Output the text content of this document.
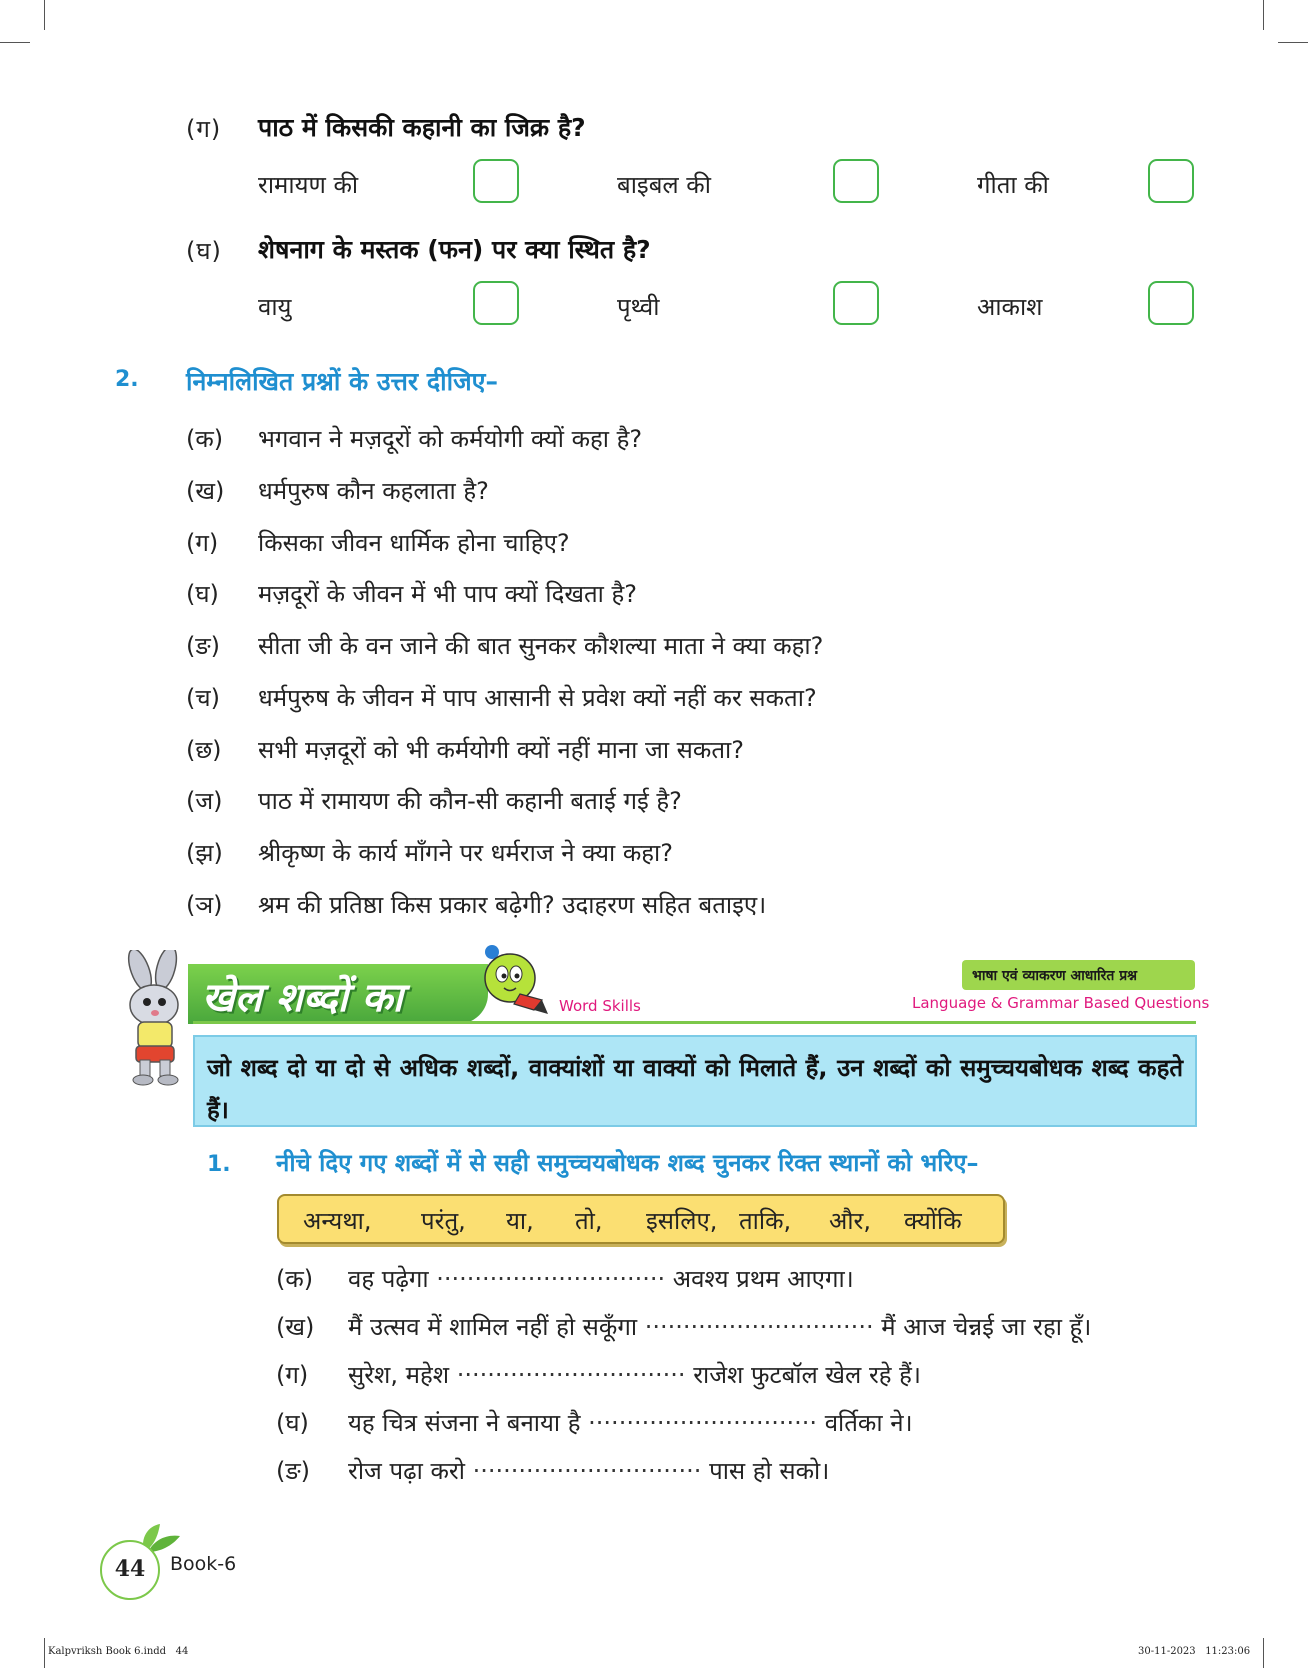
(ग) पाठ में किसकी कहानी का जिक्र है?
रामायण की	बाइबल की	गीता की
(घ) शेषनाग के मस्तक (फन) पर क्या स्थित है?
वायु	पृथ्वी	आकाश
2. निम्नलिखित प्रश्नों के उत्तर दीजिए–
(क) भगवान ने मज़दूरों को कर्मयोगी क्यों कहा है?
(ख) धर्मपुरुष कौन कहलाता है?
(ग) किसका जीवन धार्मिक होना चाहिए?
(घ) मज़दूरों के जीवन में भी पाप क्यों दिखता है?
(ङ) सीता जी के वन जाने की बात सुनकर कौशल्या माता ने क्या कहा?
(च) धर्मपुरुष के जीवन में पाप आसानी से प्रवेश क्यों नहीं कर सकता?
(छ) सभी मज़दूरों को भी कर्मयोगी क्यों नहीं माना जा सकता?
(ज) पाठ में रामायण की कौन-सी कहानी बताई गई है?
(झ) श्रीकृष्ण के कार्य माँगने पर धर्मराज ने क्या कहा?
(ञ) श्रम की प्रतिष्ठा किस प्रकार बढ़ेगी? उदाहरण सहित बताइए।
खेल शब्दों का	Word Skills
भाषा एवं व्याकरण आधारित प्रश्न
Language & Grammar Based Questions
जो शब्द दो या दो से अधिक शब्दों, वाक्यांशों या वाक्यों को मिलाते हैं, उन शब्दों को समुच्चयबोधक शब्द कहते हैं।
1. नीचे दिए गए शब्दों में से सही समुच्चयबोधक शब्द चुनकर रिक्त स्थानों को भरिए–
अन्यथा, परंतु, या, तो, इसलिए, ताकि, और, क्योंकि
(क) वह पढ़ेगा ······························ अवश्य प्रथम आएगा।
(ख) मैं उत्सव में शामिल नहीं हो सकूँगा ······························ मैं आज चेन्नई जा रहा हूँ।
(ग) सुरेश, महेश ······························ राजेश फुटबॉल खेल रहे हैं।
(घ) यह चित्र संजना ने बनाया है ······························ वर्तिका ने।
(ङ) रोज पढ़ा करो ······························ पास हो सको।
44	Book-6
Kalpvriksh Book 6.indd   44	30-11-2023   11:23:06
